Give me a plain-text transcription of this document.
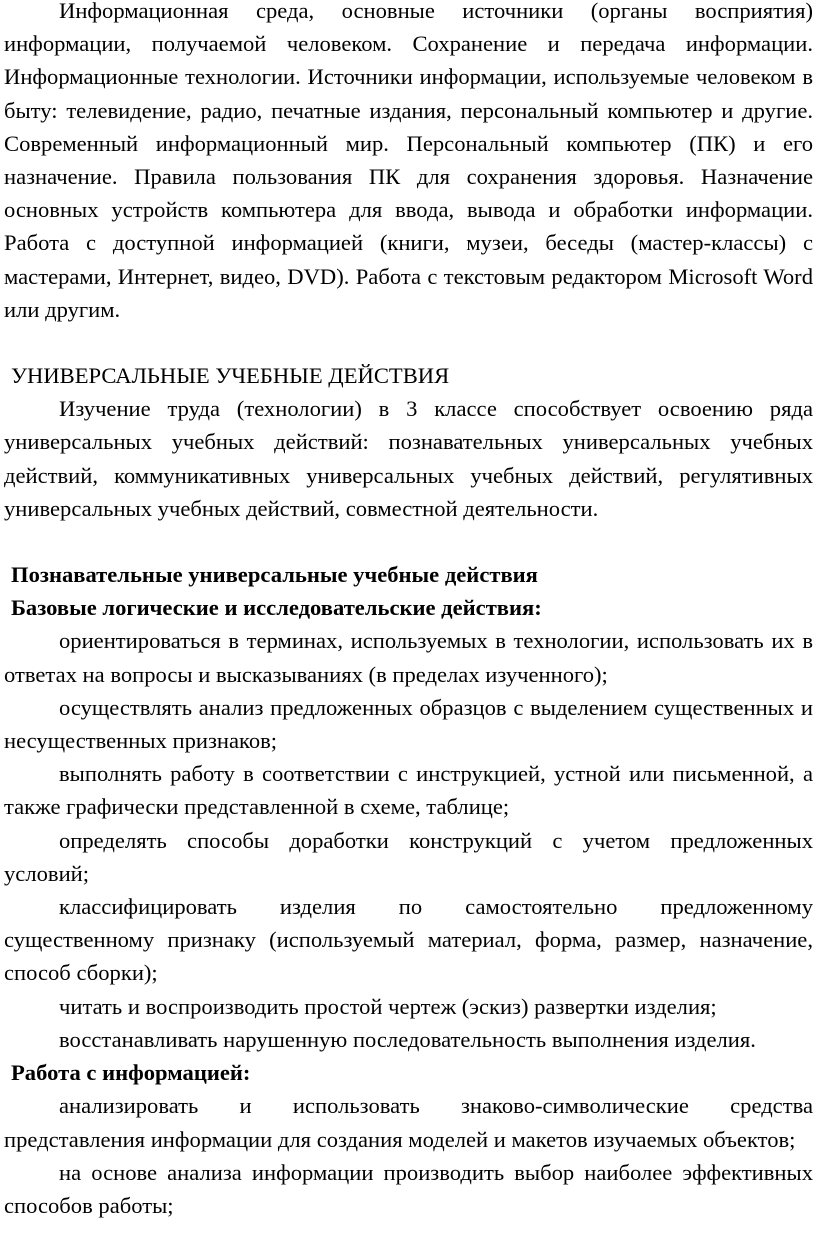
Информационная среда, основные источники (органы восприятия) информации, получаемой человеком. Сохранение и передача информации. Информационные технологии. Источники информации, используемые человеком в быту: телевидение, радио, печатные издания, персональный компьютер и другие. Современный информационный мир. Персональный компьютер (ПК) и его назначение. Правила пользования ПК для сохранения здоровья. Назначение основных устройств компьютера для ввода, вывода и обработки информации. Работа с доступной информацией (книги, музеи, беседы (мастер-классы) с мастерами, Интернет, видео, DVD). Работа с текстовым редактором Microsoft Word или другим.

УНИВЕРСАЛЬНЫЕ УЧЕБНЫЕ ДЕЙСТВИЯ

Изучение труда (технологии) в 3 классе способствует освоению ряда универсальных учебных действий: познавательных универсальных учебных действий, коммуникативных универсальных учебных действий, регулятивных универсальных учебных действий, совместной деятельности.

Познавательные универсальные учебные действия

Базовые логические и исследовательские действия:

ориентироваться в терминах, используемых в технологии, использовать их в ответах на вопросы и высказываниях (в пределах изученного);

осуществлять анализ предложенных образцов с выделением существенных и несущественных признаков;

выполнять работу в соответствии с инструкцией, устной или письменной, а также графически представленной в схеме, таблице;

определять способы доработки конструкций с учетом предложенных условий;

классифицировать изделия по самостоятельно предложенному существенному признаку (используемый материал, форма, размер, назначение, способ сборки);

читать и воспроизводить простой чертеж (эскиз) развертки изделия;

восстанавливать нарушенную последовательность выполнения изделия.

Работа с информацией:

анализировать и использовать знаково-символические средства представления информации для создания моделей и макетов изучаемых объектов;

на основе анализа информации производить выбор наиболее эффективных способов работы;
